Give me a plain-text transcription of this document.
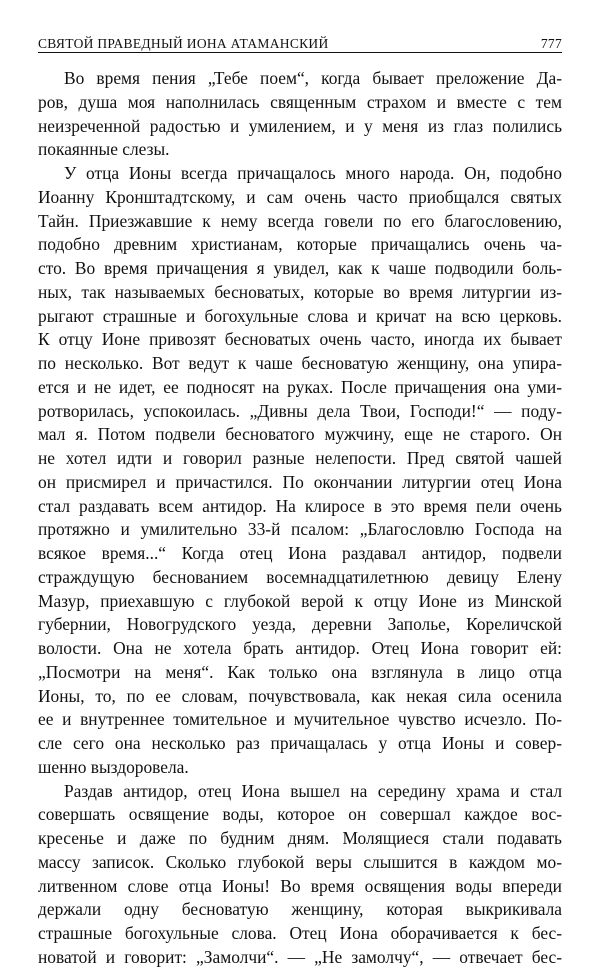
СВЯТОЙ ПРАВЕДНЫЙ ИОНА АТАМАНСКИЙ	777
Во время пения „Тебе поем“, когда бывает преложение Да-
ров, душа моя наполнилась священным страхом и вместе с тем
неизреченной радостью и умилением, и у меня из глаз полились
покаянные слезы.
У отца Ионы всегда причащалось много народа. Он, подобно
Иоанну Кронштадтскому, и сам очень часто приобщался святых
Тайн. Приезжавшие к нему всегда говели по его благословению,
подобно древним христианам, которые причащались очень ча-
сто. Во время причащения я увидел, как к чаше подводили боль-
ных, так называемых бесноватых, которые во время литургии из-
рыгают страшные и богохульные слова и кричат на всю церковь.
К отцу Ионе привозят бесноватых очень часто, иногда их бывает
по несколько. Вот ведут к чаше бесноватую женщину, она упира-
ется и не идет, ее подносят на руках. После причащения она уми-
ротворилась, успокоилась. „Дивны дела Твои, Господи!“ — поду-
мал я. Потом подвели бесноватого мужчину, еще не старого. Он
не хотел идти и говорил разные нелепости. Пред святой чашей
он присмирел и причастился. По окончании литургии отец Иона
стал раздавать всем антидор. На клиросе в это время пели очень
протяжно и умилительно 33-й псалом: „Благословлю Господа на
всякое время...“ Когда отец Иона раздавал антидор, подвели
страждущую беснованием восемнадцатилетнюю девицу Елену
Мазур, приехавшую с глубокой верой к отцу Ионе из Минской
губернии, Новогрудского уезда, деревни Заполье, Кореличской
волости. Она не хотела брать антидор. Отец Иона говорит ей:
„Посмотри на меня“. Как только она взглянула в лицо отца
Ионы, то, по ее словам, почувствовала, как некая сила осенила
ее и внутреннее томительное и мучительное чувство исчезло. По-
сле сего она несколько раз причащалась у отца Ионы и совер-
шенно выздоровела.
Раздав антидор, отец Иона вышел на середину храма и стал
совершать освящение воды, которое он совершал каждое вос-
кресенье и даже по будним дням. Молящиеся стали подавать
массу записок. Сколько глубокой веры слышится в каждом мо-
литвенном слове отца Ионы! Во время освящения воды впереди
держали одну бесноватую женщину, которая выкрикивала
страшные богохульные слова. Отец Иона оборачивается к бес-
новатой и говорит: „Замолчи“. — „Не замолчу“, — отвечает бес-
